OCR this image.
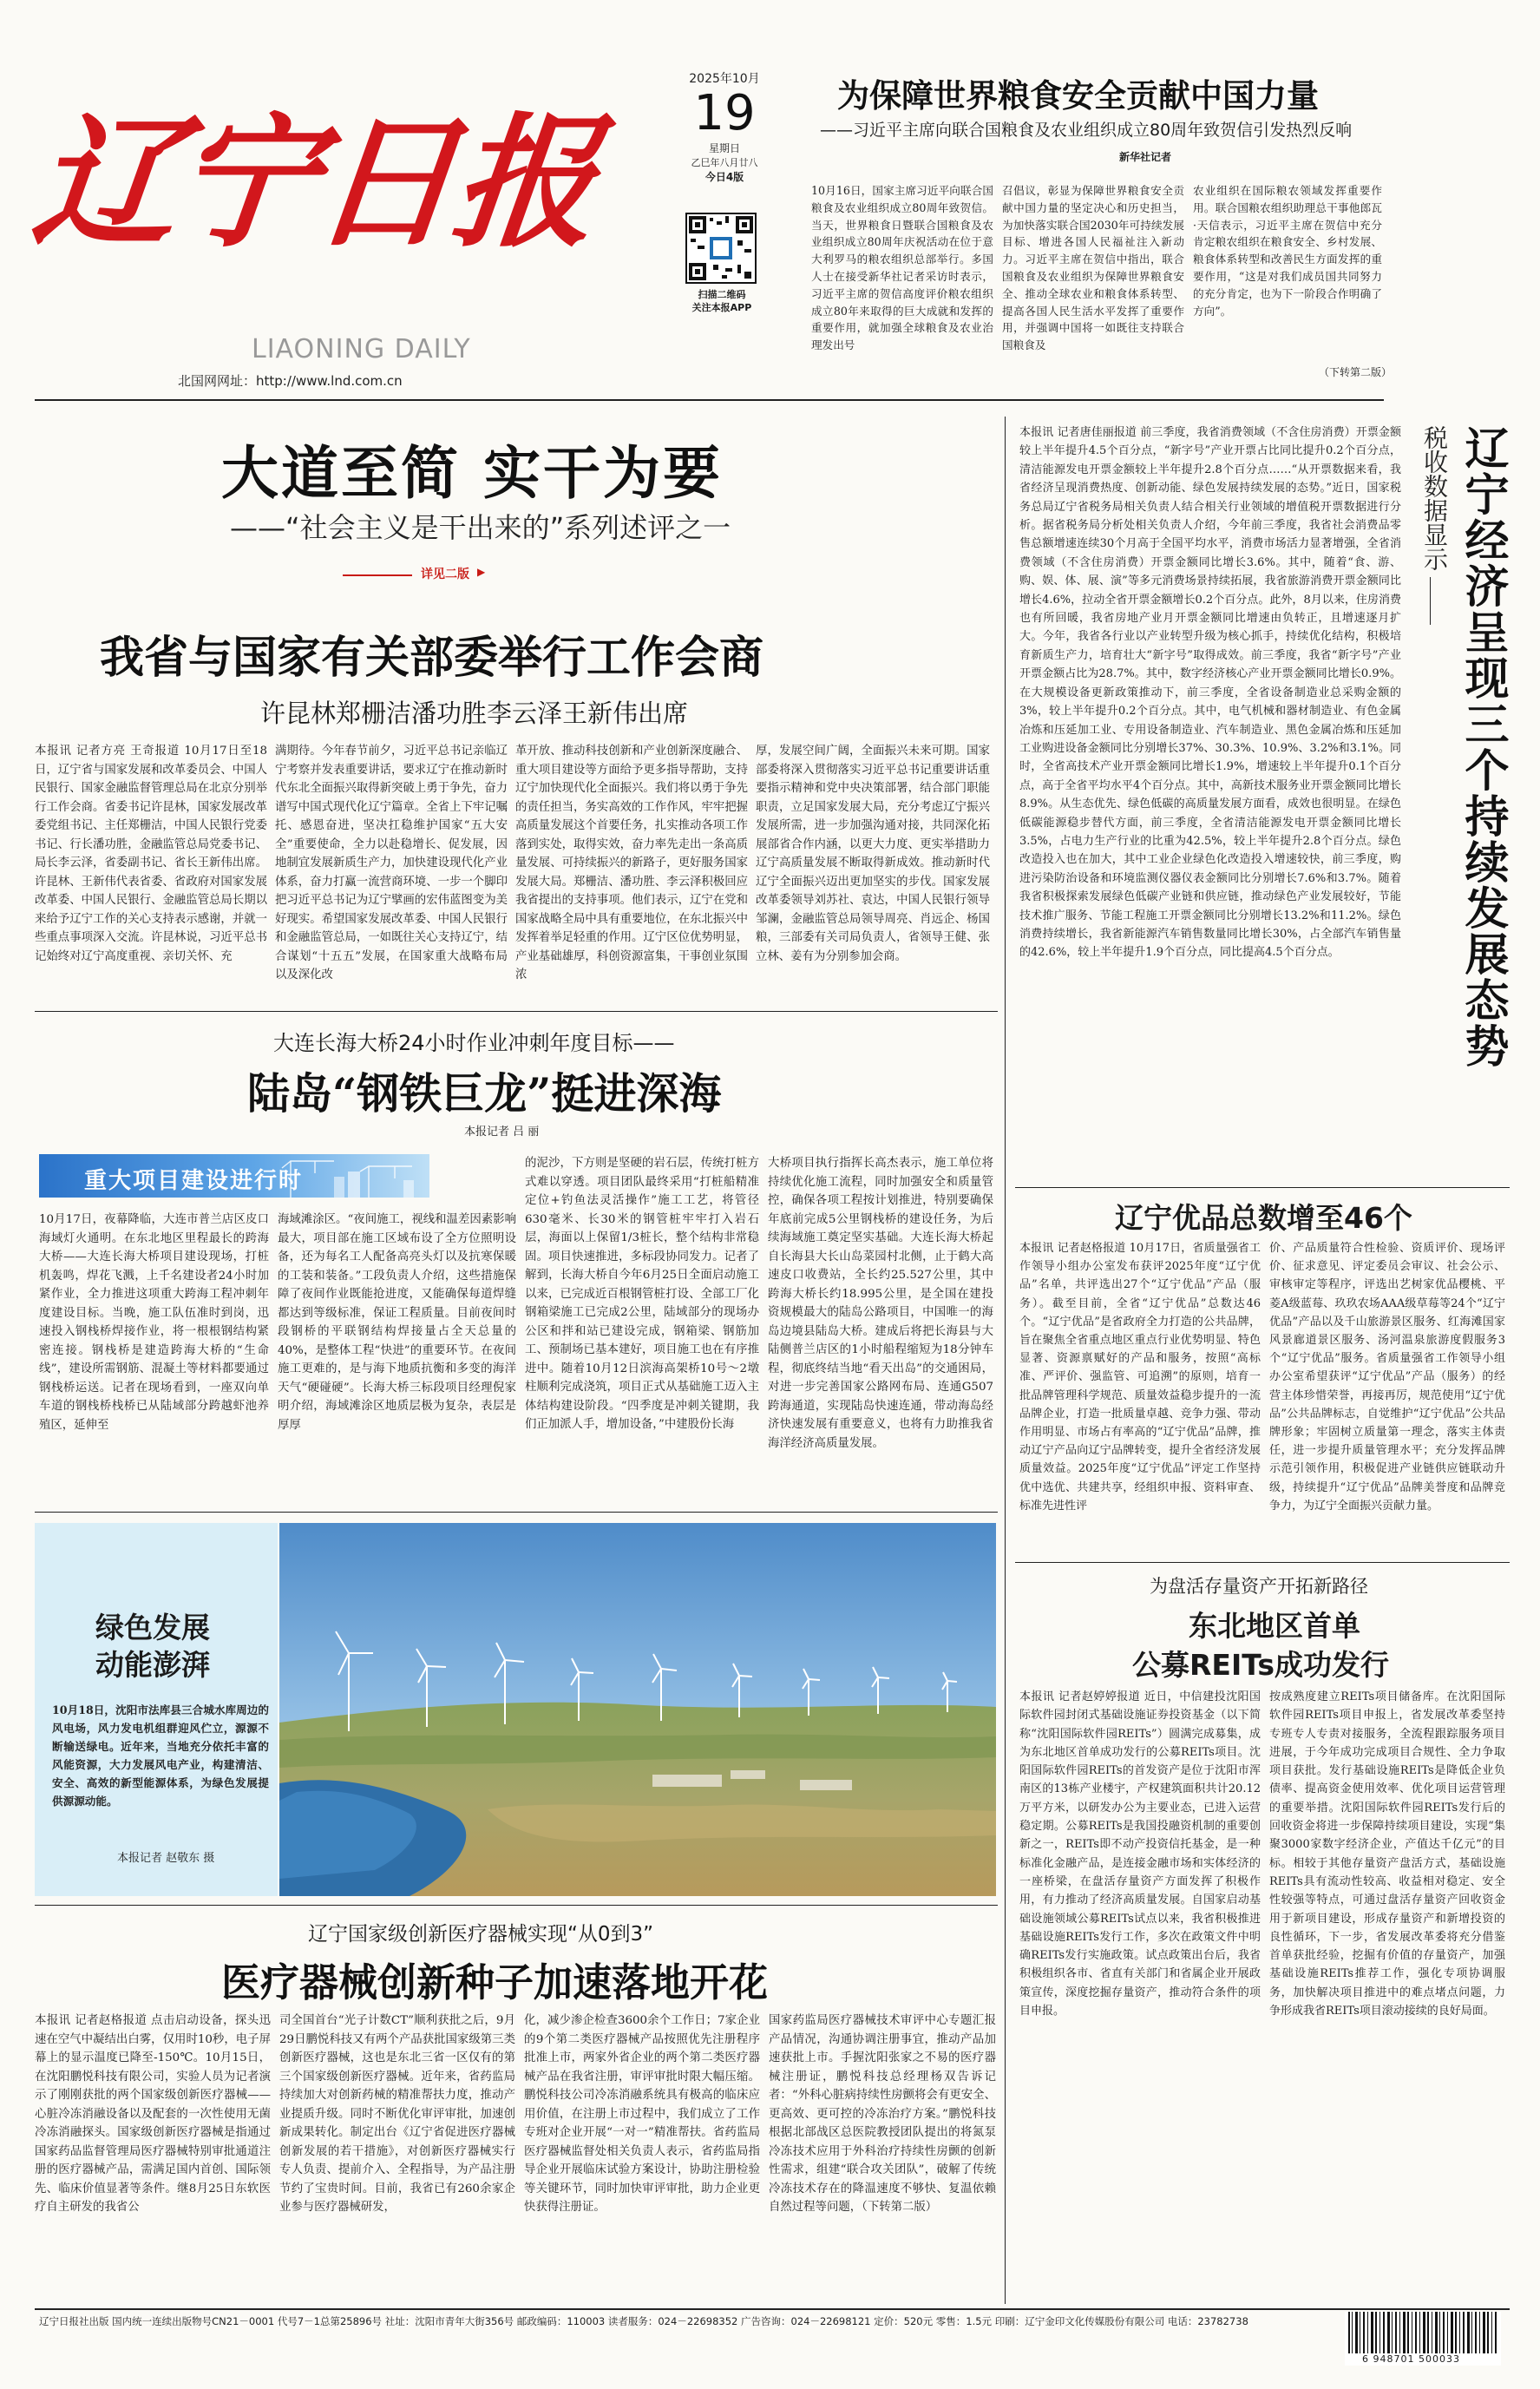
辽宁日报
LIAONING DAILY
北国网网址：http://www.lnd.com.cn
2025年10月
19
星期日
乙巳年八月廿八
今日4版
扫描二维码
关注本报APP
为保障世界粮食安全贡献中国力量
——习近平主席向联合国粮食及农业组织成立80周年致贺信引发热烈反响
新华社记者
10月16日，国家主席习近平向联合国粮食及农业组织成立80周年致贺信。当天，世界粮食日暨联合国粮食及农业组织成立80周年庆祝活动在位于意大利罗马的粮农组织总部举行。多国人士在接受新华社记者采访时表示，习近平主席的贺信高度评价粮农组织成立80年来取得的巨大成就和发挥的重要作用，就加强全球粮食及农业治理发出号
召倡议，彰显为保障世界粮食安全贡献中国力量的坚定决心和历史担当，为加快落实联合国2030年可持续发展目标、增进各国人民福祉注入新动力。习近平主席在贺信中指出，联合国粮食及农业组织为保障世界粮食安全、推动全球农业和粮食体系转型、提高各国人民生活水平发挥了重要作用，并强调中国将一如既往支持联合国粮食及
农业组织在国际粮农领域发挥重要作用。联合国粮农组织助理总干事他郎瓦·天信表示，习近平主席在贺信中充分肯定粮农组织在粮食安全、乡村发展、粮食体系转型和改善民生方面发挥的重要作用，“这是对我们成员国共同努力的充分肯定，也为下一阶段合作明确了方向”。
（下转第二版）
大道至简 实干为要
——“社会主义是干出来的”系列述评之一
详见二版 ▶
我省与国家有关部委举行工作会商
许昆林郑栅洁潘功胜李云泽王新伟出席
本报讯 记者方亮 王奇报道 10月17日至18日，辽宁省与国家发展和改革委员会、中国人民银行、国家金融监督管理总局在北京分别举行工作会商。省委书记许昆林，国家发展改革委党组书记、主任郑栅洁，中国人民银行党委书记、行长潘功胜，金融监管总局党委书记、局长李云泽，省委副书记、省长王新伟出席。许昆林、王新伟代表省委、省政府对国家发展改革委、中国人民银行、金融监管总局长期以来给予辽宁工作的关心支持表示感谢，并就一些重点事项深入交流。许昆林说，习近平总书记始终对辽宁高度重视、亲切关怀、充
满期待。今年春节前夕，习近平总书记亲临辽宁考察并发表重要讲话，要求辽宁在推动新时代东北全面振兴取得新突破上勇于争先，奋力谱写中国式现代化辽宁篇章。全省上下牢记嘱托、感恩奋进，坚决扛稳维护国家“五大安全”重要使命，全力以赴稳增长、促发展，因地制宜发展新质生产力，加快建设现代化产业体系，奋力打赢一流营商环境、一步一个脚印把习近平总书记为辽宁擘画的宏伟蓝图变为美好现实。希望国家发展改革委、中国人民银行和金融监管总局，一如既往关心支持辽宁，结合谋划“十五五”发展，在国家重大战略布局以及深化改
革开放、推动科技创新和产业创新深度融合、重大项目建设等方面给予更多指导帮助，支持辽宁加快现代化全面振兴。我们将以勇于争先的责任担当，务实高效的工作作风，牢牢把握高质量发展这个首要任务，扎实推动各项工作落到实处，取得实效，奋力率先走出一条高质量发展、可持续振兴的新路子，更好服务国家发展大局。郑栅洁、潘功胜、李云泽积极回应我省提出的支持事项。他们表示，辽宁在党和国家战略全局中具有重要地位，在东北振兴中发挥着举足轻重的作用。辽宁区位优势明显，产业基础雄厚，科创资源富集，干事创业氛围浓
厚，发展空间广阔，全面振兴未来可期。国家部委将深入贯彻落实习近平总书记重要讲话重要指示精神和党中央决策部署，结合部门职能职责，立足国家发展大局，充分考虑辽宁振兴发展所需，进一步加强沟通对接，共同深化拓展部省合作内涵，以更大力度、更实举措助力辽宁高质量发展不断取得新成效。推动新时代辽宁全面振兴迈出更加坚实的步伐。国家发展改革委领导刘苏社、袁达，中国人民银行领导邹澜，金融监管总局领导周亮、肖远企、杨国粮，三部委有关司局负责人，省领导王健、张立林、姜有为分别参加会商。
大连长海大桥24小时作业冲刺年度目标——
陆岛“钢铁巨龙”挺进深海
本报记者 吕 丽
重大项目建设进行时
10月17日，夜幕降临，大连市普兰店区皮口海域灯火通明。在东北地区里程最长的跨海大桥——大连长海大桥项目建设现场，打桩机轰鸣，焊花飞溅，上千名建设者24小时加紧作业，全力推进这项重大跨海工程冲刺年度建设目标。当晚，施工队伍准时到岗，迅速投入钢栈桥焊接作业，将一根根钢结构紧密连接。钢栈桥是建造跨海大桥的“生命线”，建设所需钢筋、混凝土等材料都要通过钢栈桥运送。记者在现场看到，一座双向单车道的钢栈桥栈桥已从陆域部分跨越虾池养殖区，延伸至
海域滩涂区。“夜间施工，视线和温差因素影响最大，项目部在施工区域布设了全方位照明设备，还为每名工人配备高亮头灯以及抗寒保暖的工装和装备。”工段负责人介绍，这些措施保障了夜间作业既能抢进度，又能确保每道焊缝都达到等级标准，保证工程质量。目前夜间时段钢桥的平联钢结构焊接量占全天总量的40%，是整体工程“快进”的重要环节。在夜间施工更难的，是与海下地质抗衡和多变的海洋天气“硬碰硬”。长海大桥三标段项目经理倪家明介绍，海域滩涂区地质层极为复杂，表层是厚厚
的泥沙，下方则是坚硬的岩石层，传统打桩方式难以穿透。项目团队最终采用“打桩船精准定位+钓鱼法灵活操作”施工工艺，将管径630毫米、长30米的钢管桩牢牢打入岩石层，海面以上保留1/3桩长，整个结构非常稳固。项目快速推进，多标段协同发力。记者了解到，长海大桥自今年6月25日全面启动施工以来，已完成近百根钢管桩打设、全部工厂化钢箱梁施工已完成2公里，陆域部分的现场办公区和拌和站已建设完成，钢箱梁、钢筋加工、预制场已基本建好，项目施工也在有序推进中。随着10月12日滨海高架桥10号～2墩柱顺利完成浇筑，项目正式从基础施工迈入主体结构建设阶段。“四季度是冲刺关键期，我们正加派人手，增加设备，”中建股份长海
大桥项目执行指挥长高杰表示，施工单位将持续优化施工流程，同时加强安全和质量管控，确保各项工程按计划推进，特别要确保年底前完成5公里钢栈桥的建设任务，为后续海域施工奠定坚实基础。大连长海大桥起自长海县大长山岛菜园村北侧，止于鹤大高速皮口收费站，全长约25.527公里，其中跨海大桥长约18.995公里，是全国在建投资规模最大的陆岛公路项目，中国唯一的海岛边境县陆岛大桥。建成后将把长海县与大陆侧普兰店区的1小时船程缩短为18分钟车程，彻底终结当地“看天出岛”的交通困局，对进一步完善国家公路网布局、连通G507跨海通道，实现陆岛快速连通，带动海岛经济快速发展有重要意义，也将有力助推我省海洋经济高质量发展。
绿色发展
动能澎湃
10月18日，沈阳市法库县三合城水库周边的风电场，风力发电机组群迎风伫立，源源不断输送绿电。近年来，当地充分依托丰富的风能资源，大力发展风电产业，构建清洁、安全、高效的新型能源体系，为绿色发展提供源源动能。
本报记者 赵敬东 摄
辽宁国家级创新医疗器械实现“从0到3”
医疗器械创新种子加速落地开花
本报讯 记者赵格报道 点击启动设备，探头迅速在空气中凝结出白雾，仅用时10秒，电子屏幕上的显示温度已降至-150℃。10月15日，在沈阳鹏悦科技有限公司，实验人员为记者演示了刚刚获批的两个国家级创新医疗器械——心脏冷冻消融设备以及配套的一次性使用无菌冷冻消融探头。国家级创新医疗器械是指通过国家药品监督管理局医疗器械特别审批通道注册的医疗器械产品，需满足国内首创、国际领先、临床价值显著等条件。继8月25日东软医疗自主研发的我省公
司全国首台“光子计数CT”顺利获批之后，9月29日鹏悦科技又有两个产品获批国家级第三类创新医疗器械，这也是东北三省一区仅有的第三个国家级创新医疗器械。近年来，省药监局持续加大对创新药械的精准帮扶力度，推动产业提质升级。同时不断优化审评审批，加速创新成果转化。制定出台《辽宁省促进医疗器械创新发展的若干措施》，对创新医疗器械实行专人负责、提前介入、全程指导，为产品注册节约了宝贵时间。目前，我省已有260余家企业参与医疗器械研发，
化，减少渗企检查3600余个工作日；7家企业的9个第二类医疗器械产品按照优先注册程序批准上市，两家外省企业的两个第二类医疗器械产品在我省注册，审评审批时限大幅压缩。鹏悦科技公司冷冻消融系统具有极高的临床应用价值，在注册上市过程中，我们成立了工作专班对企业开展“一对一”精准帮扶。省药监局医疗器械监督处相关负责人表示，省药监局指导企业开展临床试验方案设计，协助注册检验等关键环节，同时加快审评审批，助力企业更快获得注册证。
国家药监局医疗器械技术审评中心专题汇报产品情况，沟通协调注册事宜，推动产品加速获批上市。手握沈阳张家之不易的医疗器械注册证，鹏悦科技总经理杨双告诉记者：“外科心脏病持续性房颤将会有更安全、更高效、更可控的冷冻治疗方案。”鹏悦科技根据北部战区总医院教授团队提出的将氮泵冷冻技术应用于外科治疗持续性房颤的创新性需求，组建“联合攻关团队”，破解了传统冷冻技术存在的降温速度不够快、复温依赖自然过程等问题，（下转第二版）
税收数据显示 辽宁经济呈现三个持续发展态势
本报讯 记者唐佳丽报道 前三季度，我省消费领域（不含住房消费）开票金额较上半年提升4.5个百分点，“新字号”产业开票占比同比提升0.2个百分点，清洁能源发电开票金额较上半年提升2.8个百分点……“从开票数据来看，我省经济呈现消费热度、创新动能、绿色发展持续发展的态势。”近日，国家税务总局辽宁省税务局相关负责人结合相关行业领域的增值税开票数据进行分析。据省税务局分析处相关负责人介绍，今年前三季度，我省社会消费品零售总额增速连续30个月高于全国平均水平，消费市场活力显著增强，全省消费领域（不含住房消费）开票金额同比增长3.6%。其中，随着“食、游、购、娱、体、展、演”等多元消费场景持续拓展，我省旅游消费开票金额同比增长4.6%，拉动全省开票金额增长0.2个百分点。此外，8月以来，住房消费也有所回暖，我省房地产业月开票金额同比增速由负转正，且增速逐月扩大。今年，我省各行业以产业转型升级为核心抓手，持续优化结构，积极培育新质生产力，培育壮大“新字号”取得成效。前三季度，我省“新字号”产业开票金额占比为28.7%。其中，数字经济核心产业开票金额同比增长0.9%。在大规模设备更新政策推动下，前三季度，全省设备制造业总采购金额的3%，较上半年提升0.2个百分点。其中，电气机械和器材制造业、有色金属冶炼和压延加工业、专用设备制造业、汽车制造业、黑色金属冶炼和压延加工业购进设备金额同比分别增长37%、30.3%、10.9%、3.2%和3.1%。同时，全省高技术产业开票金额同比增长1.9%，增速较上半年提升0.1个百分点，高于全省平均水平4个百分点。其中，高新技术服务业开票金额同比增长8.9%。从生态优先、绿色低碳的高质量发展方面看，成效也很明显。在绿色低碳能源稳步替代方面，前三季度，全省清洁能源发电开票金额同比增长3.5%，占电力生产行业的比重为42.5%，较上半年提升2.8个百分点。绿色改造投入也在加大，其中工业企业绿色化改造投入增速较快，前三季度，购进污染防治设备和环境监测仪器仪表金额同比分别增长7.6%和3.7%。随着我省积极探索发展绿色低碳产业链和供应链，推动绿色产业发展较好，节能技术推广服务、节能工程施工开票金额同比分别增长13.2%和11.2%。绿色消费持续增长，我省新能源汽车销售数量同比增长30%，占全部汽车销售量的42.6%，较上半年提升1.9个百分点，同比提高4.5个百分点。
辽宁优品总数增至46个
本报讯 记者赵格报道 10月17日，省质量强省工作领导小组办公室发布获评2025年度“辽宁优品”名单，共评选出27个“辽宁优品”产品（服务）。截至目前，全省“辽宁优品”总数达46个。“辽宁优品”是省政府全力打造的公共品牌，旨在聚焦全省重点地区重点行业优势明显、特色显著、资源禀赋好的产品和服务，按照“高标准、严评价、强监管、可追溯”的原则，培育一批品牌管理科学规范、质量效益稳步提升的一流品牌企业，打造一批质量卓越、竞争力强、带动作用明显、市场占有率高的“辽宁优品”品牌，推动辽宁产品向辽宁品牌转变，提升全省经济发展质量效益。2025年度“辽宁优品”评定工作坚持优中选优、共建共享，经组织申报、资料审查、标准先进性评
价、产品质量符合性检验、资质评价、现场评价、征求意见、评定委员会审议、社会公示、审核审定等程序，评选出艺树家优品樱桃、平菱A级蓝莓、玖玖农场AAA级草莓等24个“辽宁优品”产品以及千山旅游景区服务、红海滩国家风景廊道景区服务、汤河温泉旅游度假服务3个“辽宁优品”服务。省质量强省工作领导小组办公室希望获评“辽宁优品”产品（服务）的经营主体珍惜荣誉，再接再厉，规范使用“辽宁优品”公共品牌标志，自觉维护“辽宁优品”公共品牌形象；牢固树立质量第一理念，落实主体责任，进一步提升质量管理水平；充分发挥品牌示范引领作用，积极促进产业链供应链联动升级，持续提升“辽宁优品”品牌美誉度和品牌竞争力，为辽宁全面振兴贡献力量。
为盘活存量资产开拓新路径
东北地区首单
公募REITs成功发行
本报讯 记者赵婷婷报道 近日，中信建投沈阳国际软件园封闭式基础设施证券投资基金（以下简称“沈阳国际软件园REITs”）圆满完成募集，成为东北地区首单成功发行的公募REITs项目。沈阳国际软件园REITs的首发资产是位于沈阳市浑南区的13栋产业楼宇，产权建筑面积共计20.12万平方米，以研发办公为主要业态，已进入运营稳定期。公募REITs是我国投融资机制的重要创新之一，REITs即不动产投资信托基金，是一种标准化金融产品，是连接金融市场和实体经济的一座桥梁，在盘活存量资产方面发挥了积极作用，有力推动了经济高质量发展。自国家启动基础设施领域公募REITs试点以来，我省积极推进基础设施REITs发行工作，多次在政策文件中明确REITs发行实施政策。试点政策出台后，我省积极组织各市、省直有关部门和省属企业开展政策宣传，深度挖掘存量资产，推动符合条件的项目申报。
按成熟度建立REITs项目储备库。在沈阳国际软件园REITs项目申报上，省发展改革委坚持专班专人专责对接服务，全流程跟踪服务项目进展，于今年成功完成项目合规性、全力争取项目获批。发行基础设施REITs是降低企业负债率、提高资金使用效率、优化项目运营管理的重要举措。沈阳国际软件园REITs发行后的回收资金将进一步保障持续项目建设，实现“集聚3000家数字经济企业，产值达千亿元”的目标。相较于其他存量资产盘活方式，基础设施REITs具有流动性较高、收益相对稳定、安全性较强等特点，可通过盘活存量资产回收资金用于新项目建设，形成存量资产和新增投资的良性循环，下一步，省发展改革委将充分借鉴首单获批经验，挖掘有价值的存量资产，加强基础设施REITs推荐工作，强化专项协调服务，加快解决项目推进中的难点堵点问题，力争形成我省REITs项目滚动接续的良好局面。
辽宁日报社出版 国内统一连续出版物号CN21－0001 代号7－1总第25896号 社址：沈阳市青年大街356号 邮政编码：110003 读者服务：024－22698352 广告咨询：024－22698121 定价：520元 零售：1.5元 印刷：辽宁金印文化传媒股份有限公司 电话：23782738
6 948701 500033
